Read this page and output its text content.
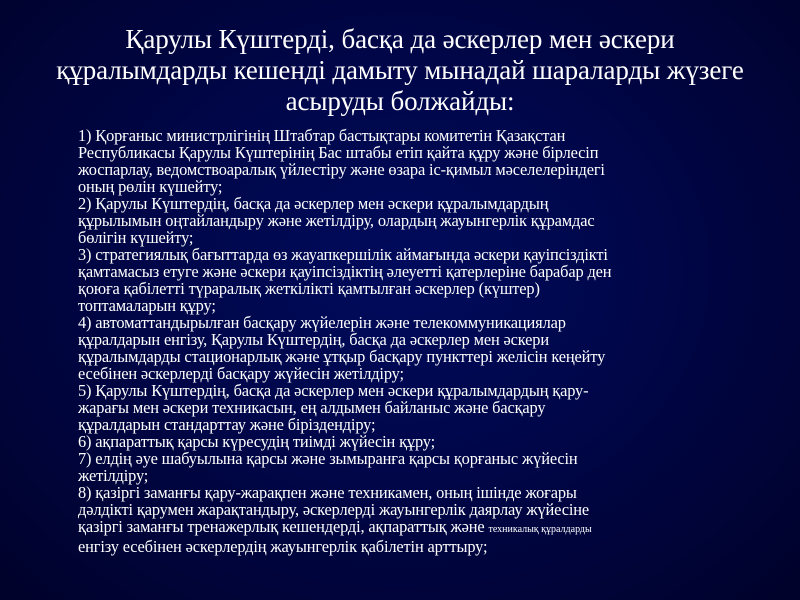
Қарулы Күштерді, басқа да әскерлер мен әскери
құралымдарды кешенді дамыту мынадай шараларды жүзеге
асыруды болжайды:
1) Қорғаныс министрлігінің Штабтар бастықтары комитетін Қазақстан
Республикасы Қарулы Күштерінің Бас штабы етіп қайта құру және бірлесіп
жоспарлау, ведомствоаралық үйлестіру және өзара іс-қимыл мәселелеріндегі
оның рөлін күшейту;
2) Қарулы Күштердің, басқа да әскерлер мен әскери құралымдардың
құрылымын оңтайландыру және жетілдіру, олардың жауынгерлік құрамдас
бөлігін күшейту;
3) стратегиялық бағыттарда өз жауапкершілік аймағында әскери қауіпсіздікті
қамтамасыз етуге және әскери қауіпсіздіктің әлеуетті қатерлеріне барабар ден
қоюға қабілетті түраралық жеткілікті қамтылған әскерлер (күштер)
топтамаларын құру;
4) автоматтандырылған басқару жүйелерін және телекоммуникациялар
құралдарын енгізу, Қарулы Күштердің, басқа да әскерлер мен әскери
құралымдарды стационарлық және ұтқыр басқару пункттері желісін кеңейту
есебінен әскерлерді басқару жүйесін жетілдіру;
5) Қарулы Күштердің, басқа да әскерлер мен әскери құралымдардың қару-
жарағы мен әскери техникасын, ең алдымен байланыс және басқару
құралдарын стандарттау және біріздендіру;
6) ақпараттық қарсы күресудің тиімді жүйесін құру;
7) елдің әуе шабуылына қарсы және зымыранға қарсы қорғаныс жүйесін
жетілдіру;
8) қазіргі заманғы қару-жарақпен және техникамен, оның ішінде жоғары
дәлдікті қарумен жарақтандыру, әскерлерді жауынгерлік даярлау жүйесіне
қазіргі заманғы тренажерлық кешендерді, ақпараттық және техникалық құралдарды
енгізу есебінен әскерлердің жауынгерлік қабілетін арттыру;
